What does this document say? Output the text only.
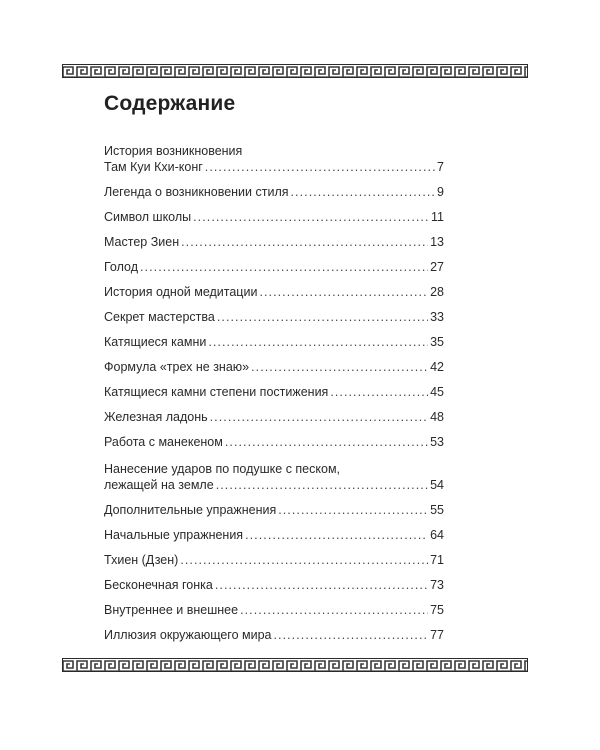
Содержание
История возникновения
Там Куи Кхи-конг . . .	7
Легенда о возникновении стиля . . .	9
Символ школы . . .	11
Мастер Зиен . . .	13
Голод . . .	27
История одной медитации . . .	28
Секрет мастерства . . .	33
Катящиеся камни . . .	35
Формула «трех не знаю» . . .	42
Катящиеся камни степени постижения . . .	45
Железная ладонь . . .	48
Работа с манекеном . . .	53
Нанесение ударов по подушке с песком,
лежащей на земле . . .	54
Дополнительные упражнения . . .	55
Начальные упражнения . . .	64
Тхиен (Дзен) . . .	71
Бесконечная гонка . . .	73
Внутреннее и внешнее . . .	75
Иллюзия окружающего мира . . .	77
